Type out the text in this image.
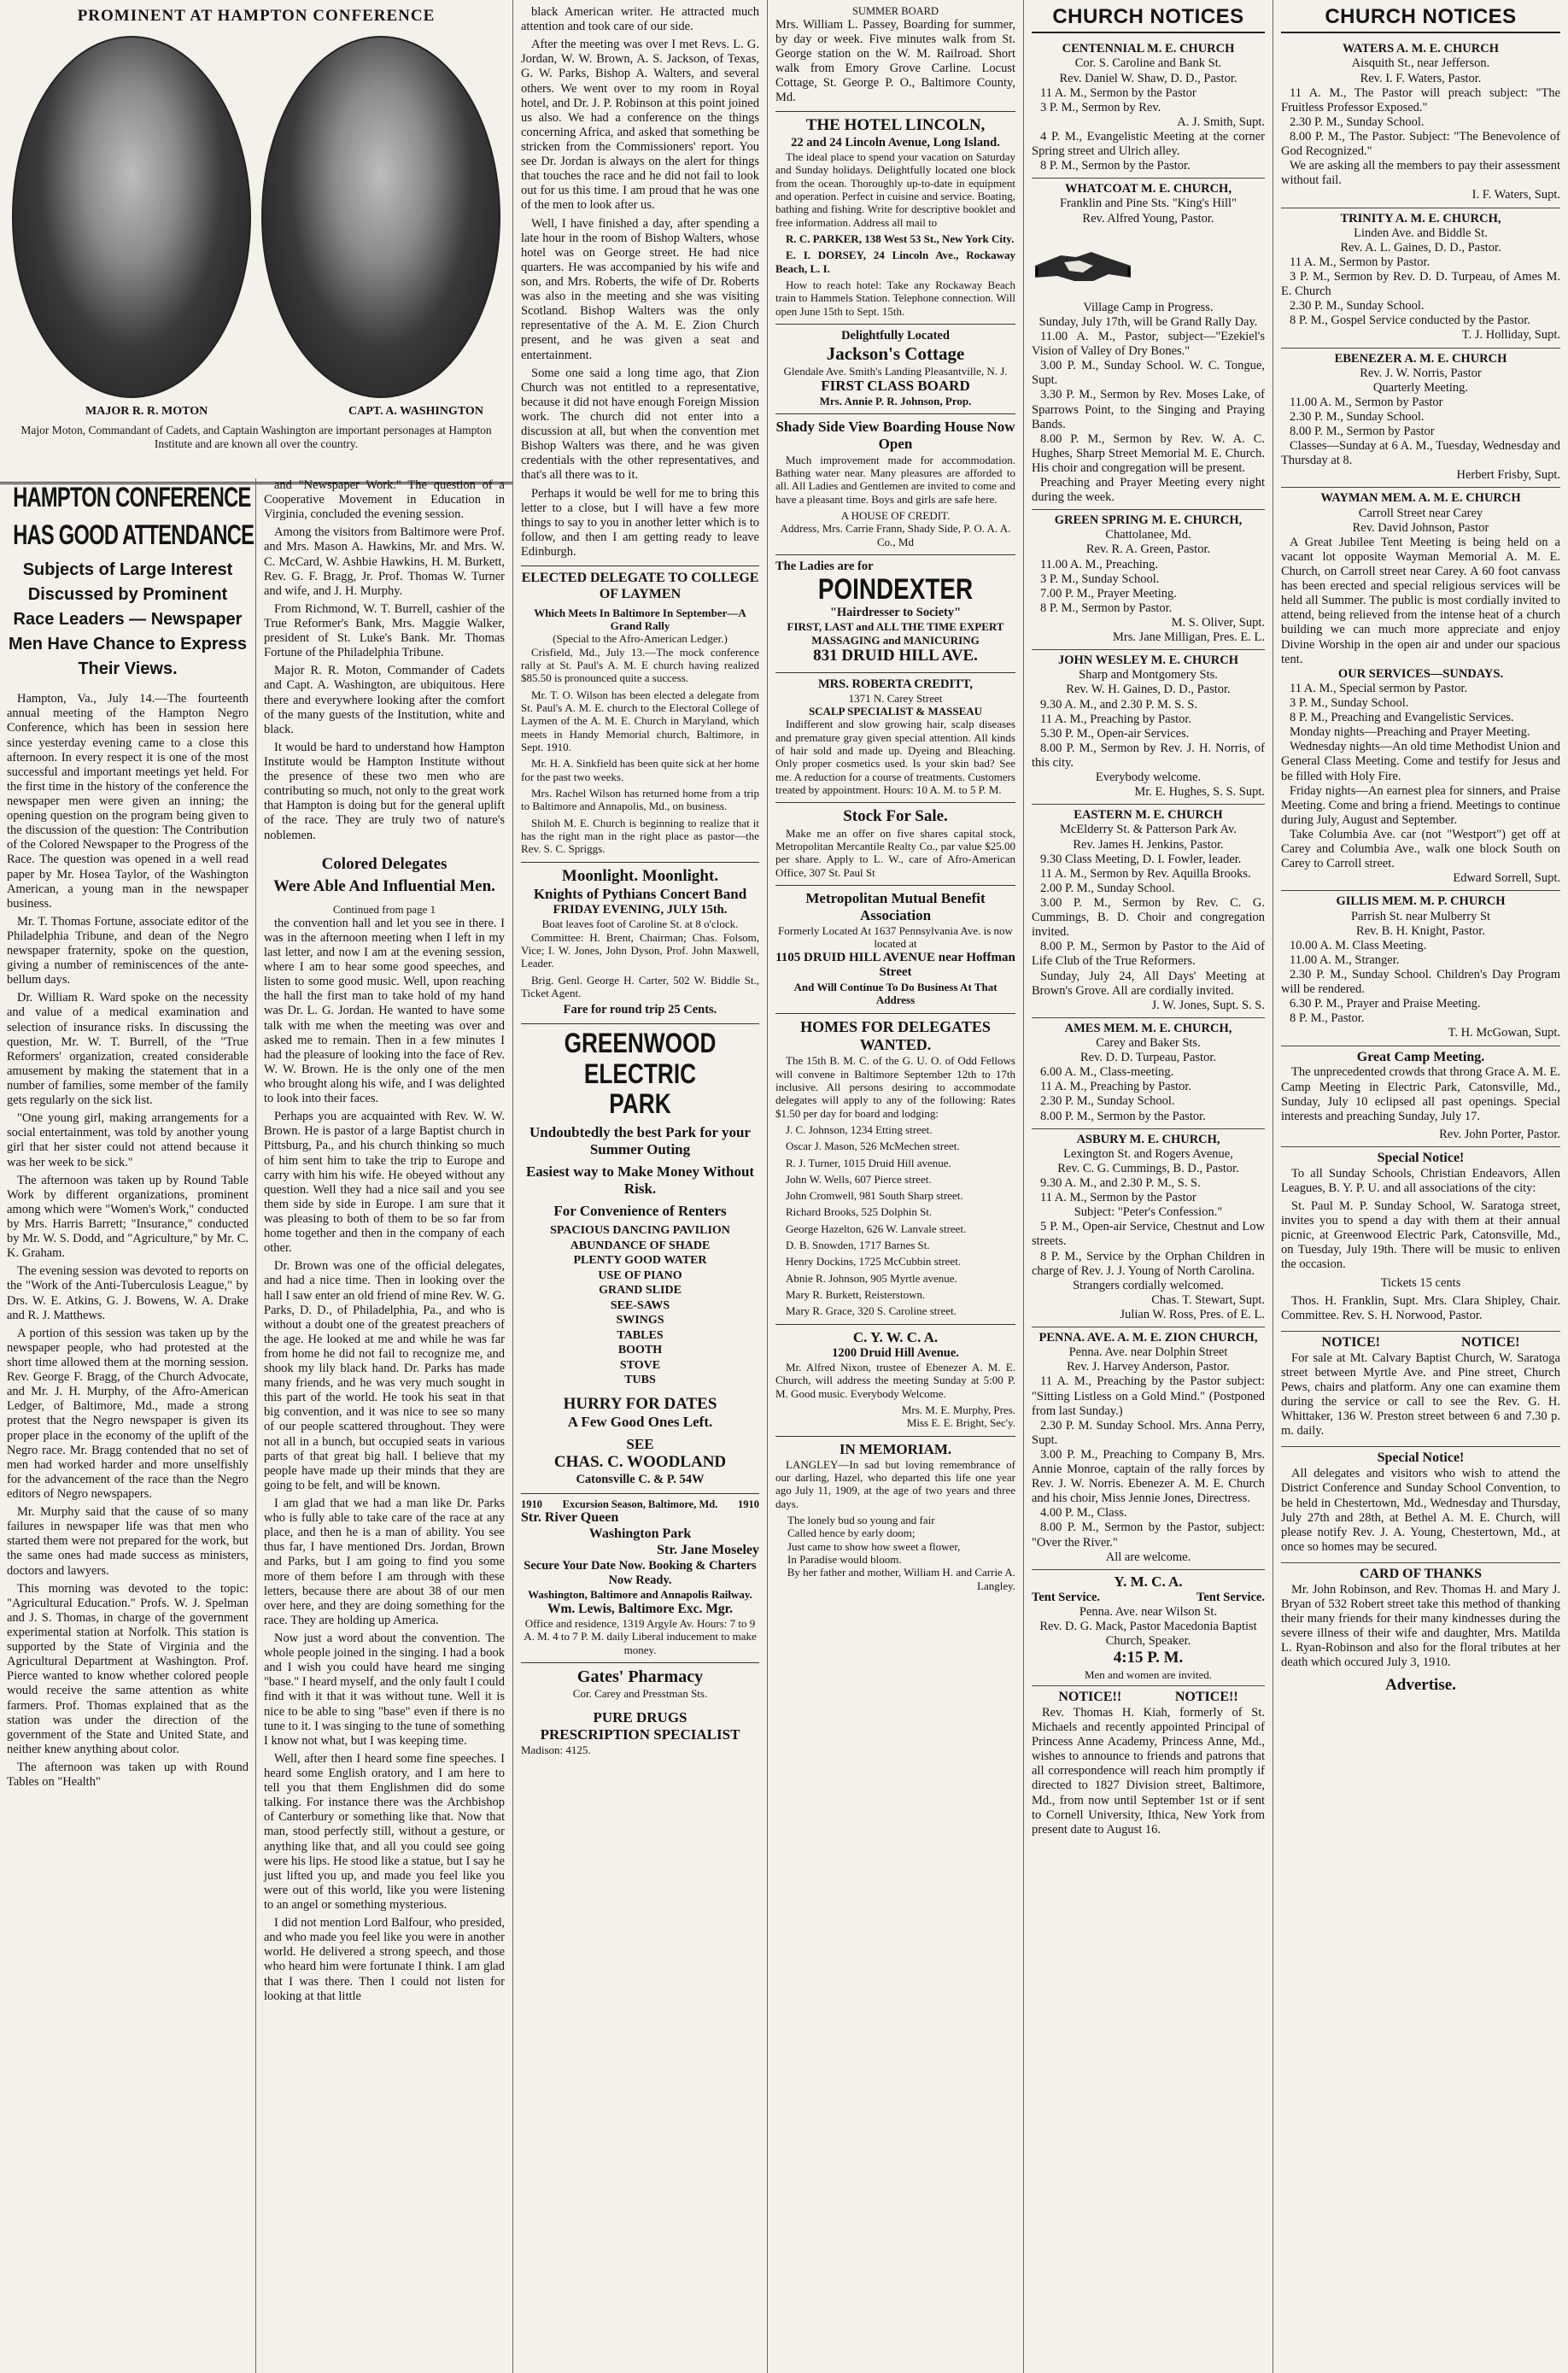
PROMINENT AT HAMPTON CONFERENCE
MAJOR R. R. MOTON	CAPT. A. WASHINGTON
Major Moton, Commandant of Cadets, and Captain Washington are important personages at Hampton Institute and are known all over the country.
HAMPTON CONFERENCE
HAS GOOD ATTENDANCE
Subjects of Large Interest Discussed by Prominent Race Leaders — Newspaper Men Have Chance to Express Their Views.

Hampton, Va., July 14.—The fourteenth annual meeting of the Hampton Negro Conference, which has been in session here since yesterday evening came to a close this afternoon. In every respect it is one of the most successful and important meetings yet held. For the first time in the history of the conference the newspaper men were given an inning; the opening question on the program being given to the discussion of the question: The Contribution of the Colored Newspaper to the Progress of the Race. The question was opened in a well read paper by Mr. Hosea Taylor, of the Washington American, a young man in the newspaper business.

Mr. T. Thomas Fortune, associate editor of the Philadelphia Tribune, and dean of the Negro newspaper fraternity, spoke on the question, giving a number of reminiscences of the ante-bellum days.

Dr. William R. Ward spoke on the necessity and value of a medical examination and selection of insurance risks. In discussing the question, Mr. W. T. Burrell, of the "True Reformers' organization, created considerable amusement by making the statement that in a number of families, some member of the family gets regularly on the sick list.

"One young girl, making arrangements for a social entertainment, was told by another young girl that her sister could not attend because it was her week to be sick."

The afternoon was taken up by Round Table Work by different organizations, prominent among which were "Women's Work," conducted by Mrs. Harris Barrett; "Insurance," conducted by Mr. W. S. Dodd, and "Agriculture," by Mr. C. K. Graham.

The evening session was devoted to reports on the "Work of the Anti-Tuberculosis League," by Drs. W. E. Atkins, G. J. Bowens, W. A. Drake and R. J. Matthews.

A portion of this session was taken up by the newspaper people, who had protested at the short time allowed them at the morning session. Rev. George F. Bragg, of the Church Advocate, and Mr. J. H. Murphy, of the Afro-American Ledger, of Baltimore, Md., made a strong protest that the Negro newspaper is given its proper place in the economy of the uplift of the Negro race. Mr. Bragg contended that no set of men had worked harder and more unselfishly for the advancement of the race than the Negro editors of Negro newspapers.

Mr. Murphy said that the cause of so many failures in newspaper life was that men who started them were not prepared for the work, but the same ones had made success as ministers, doctors and lawyers.

This morning was devoted to the topic: "Agricultural Education." Profs. W. J. Spelman and J. S. Thomas, in charge of the government experimental station at Norfolk. This station is supported by the State of Virginia and the Agricultural Department at Washington. Prof. Pierce wanted to know whether colored people would receive the same attention as white farmers. Prof. Thomas explained that as the station was under the direction of the government of the State and United State, and neither knew anything about color.

The afternoon was taken up with Round Tables on "Health"

and "Newspaper Work." The question of a Cooperative Movement in Education in Virginia, concluded the evening session.

Among the visitors from Baltimore were Prof. and Mrs. Mason A. Hawkins, Mr. and Mrs. W. C. McCard, W. Ashbie Hawkins, H. M. Burkett, Rev. G. F. Bragg, Jr. Prof. Thomas W. Turner and wife, and J. H. Murphy.

From Richmond, W. T. Burrell, cashier of the True Reformer's Bank, Mrs. Maggie Walker, president of St. Luke's Bank. Mr. Thomas Fortune of the Philadelphia Tribune.

Major R. R. Moton, Commander of Cadets and Capt. A. Washington, are ubiquitous. Here there and everywhere looking after the comfort of the many guests of the Institution, white and black.

It would be hard to understand how Hampton Institute would be Hampton Institute without the presence of these two men who are contributing so much, not only to the great work that Hampton is doing but for the general uplift of the race. They are truly two of nature's noblemen.

Colored Delegates
Were Able And Influential Men.
Continued from page 1

the convention hall and let you see in there. I was in the afternoon meeting when I left in my last letter, and now I am at the evening session, where I am to hear some good speeches, and listen to some good music. Well, upon reaching the hall the first man to take hold of my hand was Dr. L. G. Jordan. He wanted to have some talk with me when the meeting was over and asked me to remain. Then in a few minutes I had the pleasure of looking into the face of Rev. W. W. Brown. He is the only one of the men who brought along his wife, and I was delighted to look into their faces.

Perhaps you are acquainted with Rev. W. W. Brown. He is pastor of a large Baptist church in Pittsburg, Pa., and his church thinking so much of him sent him to take the trip to Europe and carry with him his wife. He obeyed without any question. Well they had a nice sail and you see them side by side in Europe. I am sure that it was pleasing to both of them to be so far from home together and then in the company of each other.

Dr. Brown was one of the official delegates, and had a nice time. Then in looking over the hall I saw enter an old friend of mine Rev. W. G. Parks, D. D., of Philadelphia, Pa., and who is without a doubt one of the greatest preachers of the age. He looked at me and while he was far from home he did not fail to recognize me, and shook my lily black hand. Dr. Parks has made many friends, and he was very much sought in this part of the world. He took his seat in that big convention, and it was nice to see so many of our people scattered throughout. They were not all in a bunch, but occupied seats in various parts of that great big hall. I believe that my people have made up their minds that they are going to be felt, and will be known.

I am glad that we had a man like Dr. Parks who is fully able to take care of the race at any place, and then he is a man of ability. You see thus far, I have mentioned Drs. Jordan, Brown and Parks, but I am going to find you some more of them before I am through with these letters, because there are about 38 of our men over here, and they are doing something for the race. They are holding up America.

Now just a word about the convention. The whole people joined in the singing. I had a book and I wish you could have heard me singing "base." I heard myself, and the only fault I could find with it that it was without tune. Well it is nice to be able to sing "base" even if there is no tune to it. I was singing to the tune of something I know not what, but I was keeping time.

Well, after then I heard some fine speeches. I heard some English oratory, and I am here to tell you that them Englishmen did do some talking. For instance there was the Archbishop of Canterbury or something like that. Now that man, stood perfectly still, without a gesture, or anything like that, and all you could see going were his lips. He stood like a statue, but I say he just lifted you up, and made you feel like you were out of this world, like you were listening to an angel or something mysterious.

I did not mention Lord Balfour, who presided, and who made you feel like you were in another world. He delivered a strong speech, and those who heard him were fortunate I think. I am glad that I was there. Then I could not listen for looking at that little

black American writer. He attracted much attention and took care of our side.

After the meeting was over I met Revs. L. G. Jordan, W. W. Brown, A. S. Jackson, of Texas, G. W. Parks, Bishop A. Walters, and several others. We went over to my room in Royal hotel, and Dr. J. P. Robinson at this point joined us also. We had a conference on the things concerning Africa, and asked that something be stricken from the Commissioners' report. You see Dr. Jordan is always on the alert for things that touches the race and he did not fail to look out for us this time. I am proud that he was one of the men to look after us.

Well, I have finished a day, after spending a late hour in the room of Bishop Walters, whose hotel was on George street. He had nice quarters. He was accompanied by his wife and son, and Mrs. Roberts, the wife of Dr. Roberts was also in the meeting and she was visiting Scotland. Bishop Walters was the only representative of the A. M. E. Zion Church present, and he was given a seat and entertainment.

Some one said a long time ago, that Zion Church was not entitled to a representative, because it did not have enough Foreign Mission work. The church did not enter into a discussion at all, but when the convention met Bishop Walters was there, and he was given credentials with the other representatives, and that's all there was to it.

Perhaps it would be well for me to bring this letter to a close, but I will have a few more things to say to you in another letter which is to follow, and then I am getting ready to leave Edinburgh.

ELECTED DELEGATE TO COLLEGE OF LAYMEN
Which Meets In Baltimore In September—A Grand Rally
(Special to the Afro-American Ledger.)

Crisfield, Md., July 13.—The mock conference rally at St. Paul's A. M. E church having realized $85.50 is pronounced quite a success.

Mr. T. O. Wilson has been elected a delegate from St. Paul's A. M. E. church to the Electoral College of Laymen of the A. M. E. Church in Maryland, which meets in Handy Memorial church, Baltimore, in Sept. 1910.

Mr. H. A. Sinkfield has been quite sick at her home for the past two weeks.

Mrs. Rachel Wilson has returned home from a trip to Baltimore and Annapolis, Md., on business.

Shiloh M. E. Church is beginning to realize that it has the right man in the right place as pastor—the Rev. S. C. Spriggs.

Moonlight. Moonlight.
Knights of Pythians Concert Band
FRIDAY EVENING, JULY 15th.
Boat leaves foot of Caroline St. at 8 o'clock.

Committee: H. Brent, Chairman; Chas. Folsom, Vice; I. W. Jones, John Dyson, Prof. John Maxwell, Leader.

Brig. Genl. George H. Carter, 502 W. Biddle St., Ticket Agent.

Fare for round trip 25 Cents.
GREENWOOD
ELECTRIC
PARK
Undoubtedly the best Park for your Summer Outing
Easiest way to Make Money Without Risk.
For Convenience of Renters
SPACIOUS DANCING PAVILION
ABUNDANCE OF SHADE
PLENTY GOOD WATER
USE OF PIANO
GRAND SLIDE
SEE-SAWS
SWINGS
TABLES
BOOTH
STOVE
TUBS
HURRY FOR DATES
A Few Good Ones Left.
SEE
CHAS. C. WOODLAND
Catonsville C. & P. 54W
1910 Excursion Season, Baltimore, Md. 1910
Str. River Queen
Washington Park
Str. Jane Moseley
Secure Your Date Now. Booking & Charters Now Ready.
Washington, Baltimore and Annapolis Railway.
Wm. Lewis, Baltimore Exc. Mgr.
Office and residence, 1319 Argyle Av. Hours: 7 to 9 A. M. 4 to 7 P. M. daily Liberal inducement to make money.
Gates' Pharmacy
Cor. Carey and Presstman Sts.
PURE DRUGS
PRESCRIPTION SPECIALIST
Madison: 4125.
SUMMER BOARD

Mrs. William L. Passey, Boarding for summer, by day or week. Five minutes walk from St. George station on the W. M. Railroad. Short walk from Emory Grove Carline. Locust Cottage, St. George P. O., Baltimore County, Md.

THE HOTEL LINCOLN,
22 and 24 Lincoln Avenue, Long Island.

The ideal place to spend your vacation on Saturday and Sunday holidays. Delightfully located one block from the ocean. Thoroughly up-to-date in equipment and operation. Perfect in cuisine and service. Boating, bathing and fishing. Write for descriptive booklet and free information. Address all mail to

R. C. PARKER, 138 West 53 St., New York City.

E. I. DORSEY, 24 Lincoln Ave., Rockaway Beach, L. I.

How to reach hotel: Take any Rockaway Beach train to Hammels Station. Telephone connection. Will open June 15th to Sept. 15th.

Delightfully Located
Jackson's Cottage
Glendale Ave. Smith's Landing Pleasantville, N. J.
FIRST CLASS BOARD
Mrs. Annie P. R. Johnson, Prop.
Shady Side View Boarding House Now Open

Much improvement made for accommodation. Bathing water near. Many pleasures are afforded to all. All Ladies and Gentlemen are invited to come and have a pleasant time. Boys and girls are safe here.

A HOUSE OF CREDIT.
Address, Mrs. Carrie Frann, Shady Side, P. O. A. A. Co., Md
The Ladies are for
POINDEXTER
"Hairdresser to Society"
FIRST, LAST and ALL THE TIME EXPERT MASSAGING and MANICURING
831 DRUID HILL AVE.
MRS. ROBERTA CREDITT,
1371 N. Carey Street
SCALP SPECIALIST & MASSEAU

Indifferent and slow growing hair, scalp diseases and premature gray given special attention. All kinds of hair sold and made up. Dyeing and Bleaching. Only proper cosmetics used. Is your skin bad? See me. A reduction for a course of treatments. Customers treated by appointment. Hours: 10 A. M. to 5 P. M.

Stock For Sale.

Make me an offer on five shares capital stock, Metropolitan Mercantile Realty Co., par value $25.00 per share. Apply to L. W., care of Afro-American Office, 307 St. Paul St

Metropolitan Mutual Benefit Association
Formerly Located At 1637 Pennsylvania Ave. is now located at
1105 DRUID HILL AVENUE near Hoffman Street
And Will Continue To Do Business At That Address
HOMES FOR DELEGATES WANTED.

The 15th B. M. C. of the G. U. O. of Odd Fellows will convene in Baltimore September 12th to 17th inclusive. All persons desiring to accommodate delegates will apply to any of the following: Rates $1.50 per day for board and lodging:

J. C. Johnson, 1234 Etting street.

Oscar J. Mason, 526 McMechen street.

R. J. Turner, 1015 Druid Hill avenue.

John W. Wells, 607 Pierce street.

John Cromwell, 981 South Sharp street.

Richard Brooks, 525 Dolphin St.

George Hazelton, 626 W. Lanvale street.

D. B. Snowden, 1717 Barnes St.

Henry Dockins, 1725 McCubbin street.

Abnie R. Johnson, 905 Myrtle avenue.

Mary R. Burkett, Reisterstown.

Mary R. Grace, 320 S. Caroline street.

C. Y. W. C. A.
1200 Druid Hill Avenue.

Mr. Alfred Nixon, trustee of Ebenezer A. M. E. Church, will address the meeting Sunday at 5:00 P. M. Good music. Everybody Welcome.

Mrs. M. E. Murphy, Pres.

Miss E. E. Bright, Sec'y.

IN MEMORIAM.

LANGLEY—In sad but loving remembrance of our darling, Hazel, who departed this life one year ago July 11, 1909, at the age of two years and three days.

The lonely bud so young and fair
Called hence by early doom;
Just came to show how sweet a flower,
In Paradise would bloom.

By her father and mother, William H. and Carrie A. Langley.

CHURCH NOTICES
CENTENNIAL M. E. CHURCH

Cor. S. Caroline and Bank St.

Rev. Daniel W. Shaw, D. D., Pastor.

11 A. M., Sermon by the Pastor

3 P. M., Sermon by Rev.

A. J. Smith, Supt.

4 P. M., Evangelistic Meeting at the corner Spring street and Ulrich alley.

8 P. M., Sermon by the Pastor.

WHATCOAT M. E. CHURCH,

Franklin and Pine Sts. "King's Hill"

Rev. Alfred Young, Pastor.

Village Camp in Progress.

Sunday, July 17th, will be Grand Rally Day.

11.00 A. M., Pastor, subject—"Ezekiel's Vision of Valley of Dry Bones."

3.00 P. M., Sunday School. W. C. Tongue, Supt.

3.30 P. M., Sermon by Rev. Moses Lake, of Sparrows Point, to the Singing and Praying Bands.

8.00 P. M., Sermon by Rev. W. A. C. Hughes, Sharp Street Memorial M. E. Church. His choir and congregation will be present.

Preaching and Prayer Meeting every night during the week.

GREEN SPRING M. E. CHURCH,

Chattolanee, Md.

Rev. R. A. Green, Pastor.

11.00 A. M., Preaching.

3 P. M., Sunday School.

7.00 P. M., Prayer Meeting.

8 P. M., Sermon by Pastor.

M. S. Oliver, Supt.

Mrs. Jane Milligan, Pres. E. L.

JOHN WESLEY M. E. CHURCH

Sharp and Montgomery Sts.

Rev. W. H. Gaines, D. D., Pastor.

9.30 A. M., and 2.30 P. M. S. S.

11 A. M., Preaching by Pastor.

5.30 P. M., Open-air Services.

8.00 P. M., Sermon by Rev. J. H. Norris, of this city.

Everybody welcome.

Mr. E. Hughes, S. S. Supt.

EASTERN M. E. CHURCH

McElderry St. & Patterson Park Av.

Rev. James H. Jenkins, Pastor.

9.30 Class Meeting, D. I. Fowler, leader.

11 A. M., Sermon by Rev. Aquilla Brooks.

2.00 P. M., Sunday School.

3.00 P. M., Sermon by Rev. C. G. Cummings, B. D. Choir and congregation invited.

8.00 P. M., Sermon by Pastor to the Aid of Life Club of the True Reformers.

Sunday, July 24, All Days' Meeting at Brown's Grove. All are cordially invited.

J. W. Jones, Supt. S. S.

AMES MEM. M. E. CHURCH,

Carey and Baker Sts.

Rev. D. D. Turpeau, Pastor.

6.00 A. M., Class-meeting.

11 A. M., Preaching by Pastor.

2.30 P. M., Sunday School.

8.00 P. M., Sermon by the Pastor.

ASBURY M. E. CHURCH,

Lexington St. and Rogers Avenue,

Rev. C. G. Cummings, B. D., Pastor.

9.30 A. M., and 2.30 P. M., S. S.

11 A. M., Sermon by the Pastor

Subject: "Peter's Confession."

5 P. M., Open-air Service, Chestnut and Low streets.

8 P. M., Service by the Orphan Children in charge of Rev. J. J. Young of North Carolina.

Strangers cordially welcomed.

Chas. T. Stewart, Supt.

Julian W. Ross, Pres. of E. L.

PENNA. AVE. A. M. E. ZION CHURCH,

Penna. Ave. near Dolphin Street

Rev. J. Harvey Anderson, Pastor.

11 A. M., Preaching by the Pastor subject: "Sitting Listless on a Gold Mind." (Postponed from last Sunday.)

2.30 P. M. Sunday School. Mrs. Anna Perry, Supt.

3.00 P. M., Preaching to Company B, Mrs. Annie Monroe, captain of the rally forces by Rev. J. W. Norris. Ebenezer A. M. E. Church and his choir, Miss Jennie Jones, Directress.

4.00 P. M., Class.

8.00 P. M., Sermon by the Pastor, subject: "Over the River."

All are welcome.

Y. M. C. A.
Tent Service.	Tent Service.

Penna. Ave. near Wilson St.

Rev. D. G. Mack, Pastor Macedonia Baptist Church, Speaker.

4:15 P. M.
Men and women are invited.
NOTICE!!	NOTICE!!

Rev. Thomas H. Kiah, formerly of St. Michaels and recently appointed Principal of Princess Anne Academy, Princess Anne, Md., wishes to announce to friends and patrons that all correspondence will reach him promptly if directed to 1827 Division street, Baltimore, Md., from now until September 1st or if sent to Cornell University, Ithica, New York from present date to August 16.

CHURCH NOTICES
WATERS A. M. E. CHURCH

Aisquith St., near Jefferson.

Rev. I. F. Waters, Pastor.

11 A. M., The Pastor will preach subject: "The Fruitless Professor Exposed."

2.30 P. M., Sunday School.

8.00 P. M., The Pastor. Subject: "The Benevolence of God Recognized."

We are asking all the members to pay their assessment without fail.

I. F. Waters, Supt.

TRINITY A. M. E. CHURCH,

Linden Ave. and Biddle St.

Rev. A. L. Gaines, D. D., Pastor.

11 A. M., Sermon by Pastor.

3 P. M., Sermon by Rev. D. D. Turpeau, of Ames M. E. Church

2.30 P. M., Sunday School.

8 P. M., Gospel Service conducted by the Pastor.

T. J. Holliday, Supt.

EBENEZER A. M. E. CHURCH

Rev. J. W. Norris, Pastor

Quarterly Meeting.

11.00 A. M., Sermon by Pastor

2.30 P. M., Sunday School.

8.00 P. M., Sermon by Pastor

Classes—Sunday at 6 A. M., Tuesday, Wednesday and Thursday at 8.

Herbert Frisby, Supt.

WAYMAN MEM. A. M. E. CHURCH

Carroll Street near Carey

Rev. David Johnson, Pastor

A Great Jubilee Tent Meeting is being held on a vacant lot opposite Wayman Memorial A. M. E. Church, on Carroll street near Carey. A 60 foot canvass has been erected and special religious services will be held all Summer. The public is most cordially invited to attend, being relieved from the intense heat of a church building we can much more appreciate and enjoy Divine Worship in the open air and under our spacious tent.

OUR SERVICES—SUNDAYS.

11 A. M., Special sermon by Pastor.

3 P. M., Sunday School.

8 P. M., Preaching and Evangelistic Services.

Monday nights—Preaching and Prayer Meeting.

Wednesday nights—An old time Methodist Union and General Class Meeting. Come and testify for Jesus and be filled with Holy Fire.

Friday nights—An earnest plea for sinners, and Praise Meeting. Come and bring a friend. Meetings to continue during July, August and September.

Take Columbia Ave. car (not "Westport") get off at Carey and Columbia Ave., walk one block South on Carey to Carroll street.

Edward Sorrell, Supt.

GILLIS MEM. M. P. CHURCH

Parrish St. near Mulberry St

Rev. B. H. Knight, Pastor.

10.00 A. M. Class Meeting.

11.00 A. M., Stranger.

2.30 P. M., Sunday School. Children's Day Program will be rendered.

6.30 P. M., Prayer and Praise Meeting.

8 P. M., Pastor.

T. H. McGowan, Supt.

Great Camp Meeting.

The unprecedented crowds that throng Grace A. M. E. Camp Meeting in Electric Park, Catonsville, Md., Sunday, July 10 eclipsed all past openings. Special interests and preaching Sunday, July 17.

Rev. John Porter, Pastor.

Special Notice!

To all Sunday Schools, Christian Endeavors, Allen Leagues, B. Y. P. U. and all associations of the city:

St. Paul M. P. Sunday School, W. Saratoga street, invites you to spend a day with them at their annual picnic, at Greenwood Electric Park, Catonsville, Md., on Tuesday, July 19th. There will be music to enliven the occasion.

Tickets 15 cents

Thos. H. Franklin, Supt. Mrs. Clara Shipley, Chair. Committee. Rev. S. H. Norwood, Pastor.

NOTICE!	NOTICE!

For sale at Mt. Calvary Baptist Church, W. Saratoga street between Myrtle Ave. and Pine street, Church Pews, chairs and platform. Any one can examine them during the service or call to see the Rev. G. H. Whittaker, 136 W. Preston street between 6 and 7.30 p. m. daily.

Special Notice!

All delegates and visitors who wish to attend the District Conference and Sunday School Convention, to be held in Chestertown, Md., Wednesday and Thursday, July 27th and 28th, at Bethel A. M. E. Church, will please notify Rev. J. A. Young, Chestertown, Md., at once so homes may be secured.

CARD OF THANKS

Mr. John Robinson, and Rev. Thomas H. and Mary J. Bryan of 532 Robert street take this method of thanking their many friends for their many kindnesses during the severe illness of their wife and daughter, Mrs. Matilda L. Ryan-Robinson and also for the floral tributes at her death which occured July 3, 1910.

Advertise.
